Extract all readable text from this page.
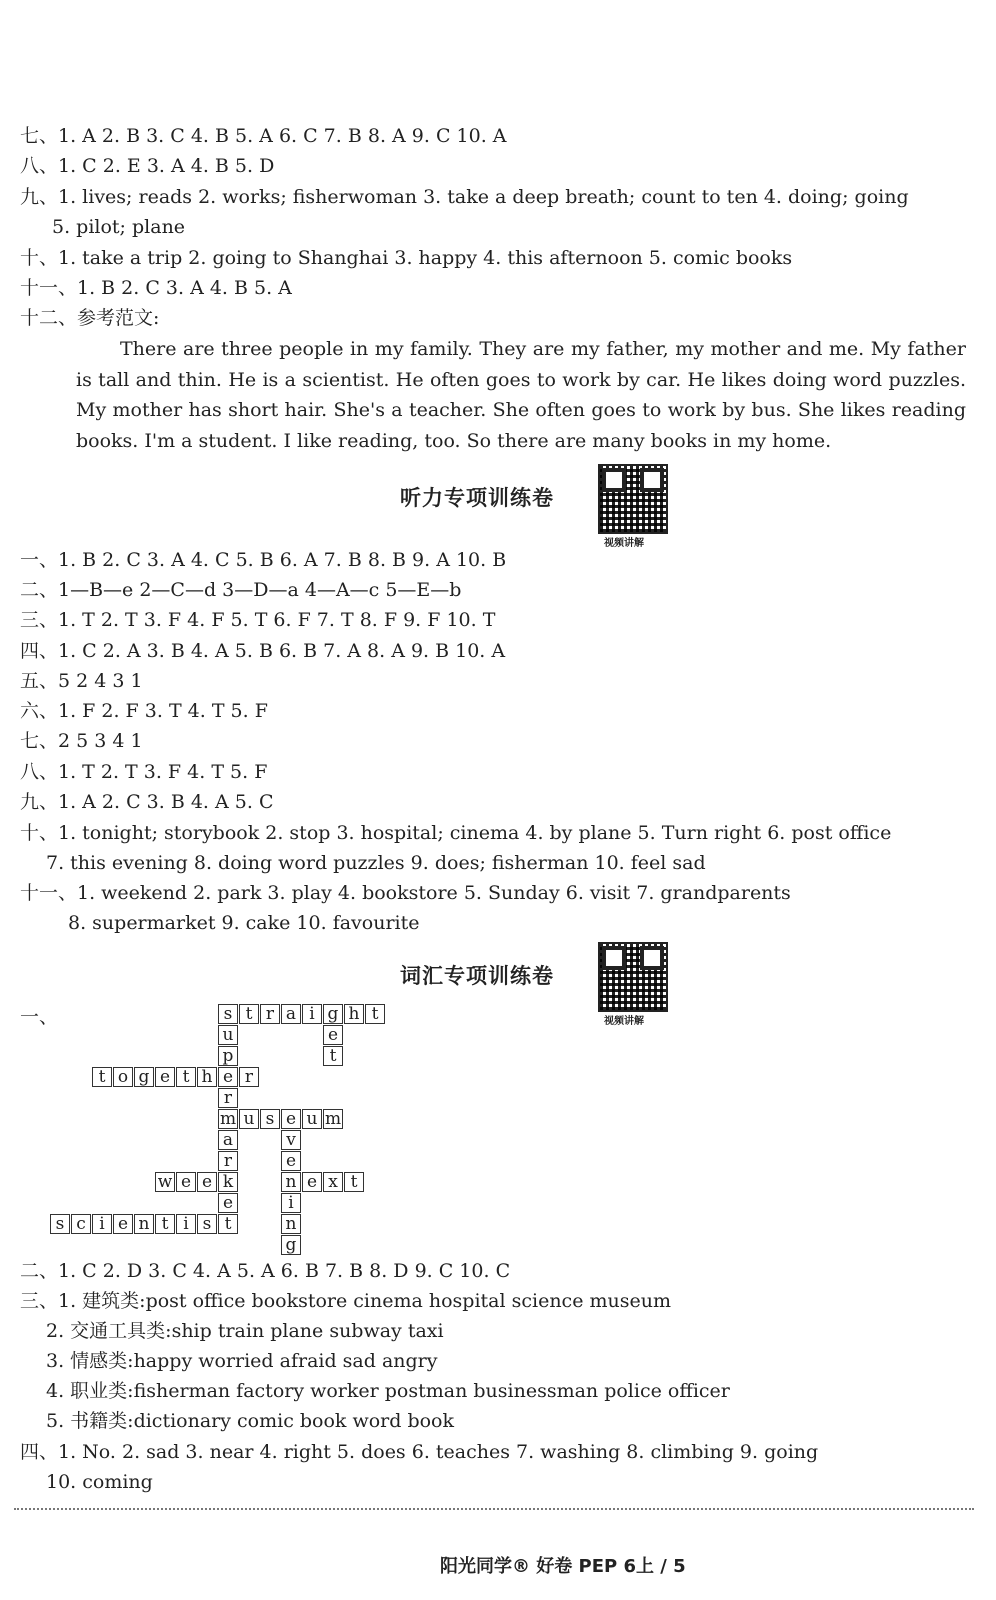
七、1. A 2. B 3. C 4. B 5. A 6. C 7. B 8. A 9. C 10. A
八、1. C 2. E 3. A 4. B 5. D
九、1. lives; reads 2. works; fisherwoman 3. take a deep breath; count to ten 4. doing; going
5. pilot; plane
十、1. take a trip 2. going to Shanghai 3. happy 4. this afternoon 5. comic books
十一、1. B 2. C 3. A 4. B 5. A
十二、参考范文:
There are three people in my family. They are my father, my mother and me. My father is tall and thin. He is a scientist. He often goes to work by car. He likes doing word puzzles. My mother has short hair. She's a teacher. She often goes to work by bus. She likes reading books. I'm a student. I like reading, too. So there are many books in my home.
听力专项训练卷
视频讲解
一、1. B 2. C 3. A 4. C 5. B 6. A 7. B 8. B 9. A 10. B
二、1—B—e 2—C—d 3—D—a 4—A—c 5—E—b
三、1. T 2. T 3. F 4. F 5. T 6. F 7. T 8. F 9. F 10. T
四、1. C 2. A 3. B 4. A 5. B 6. B 7. A 8. A 9. B 10. A
五、5 2 4 3 1
六、1. F 2. F 3. T 4. T 5. F
七、2 5 3 4 1
八、1. T 2. T 3. F 4. T 5. F
九、1. A 2. C 3. B 4. A 5. C
十、1. tonight; storybook 2. stop 3. hospital; cinema 4. by plane 5. Turn right 6. post office
7. this evening 8. doing word puzzles 9. does; fisherman 10. feel sad
十一、1. weekend 2. park 3. play 4. bookstore 5. Sunday 6. visit 7. grandparents
8. supermarket 9. cake 10. favourite
词汇专项训练卷
视频讲解
一、	s t r a i g h t
u
p
e
r
m
a
r
k
e
t
e
t
t o g e t h	r
u s e u m
v
e
n
i
n
g
w e e	e x t
s c i e n t i s
二、1. C 2. D 3. C 4. A 5. A 6. B 7. B 8. D 9. C 10. C
三、1. 建筑类:post office bookstore cinema hospital science museum
2. 交通工具类:ship train plane subway taxi
3. 情感类:happy worried afraid sad angry
4. 职业类:fisherman factory worker postman businessman police officer
5. 书籍类:dictionary comic book word book
四、1. No. 2. sad 3. near 4. right 5. does 6. teaches 7. washing 8. climbing 9. going
10. coming
阳光同学® 好卷 PEP 6上 / 5
